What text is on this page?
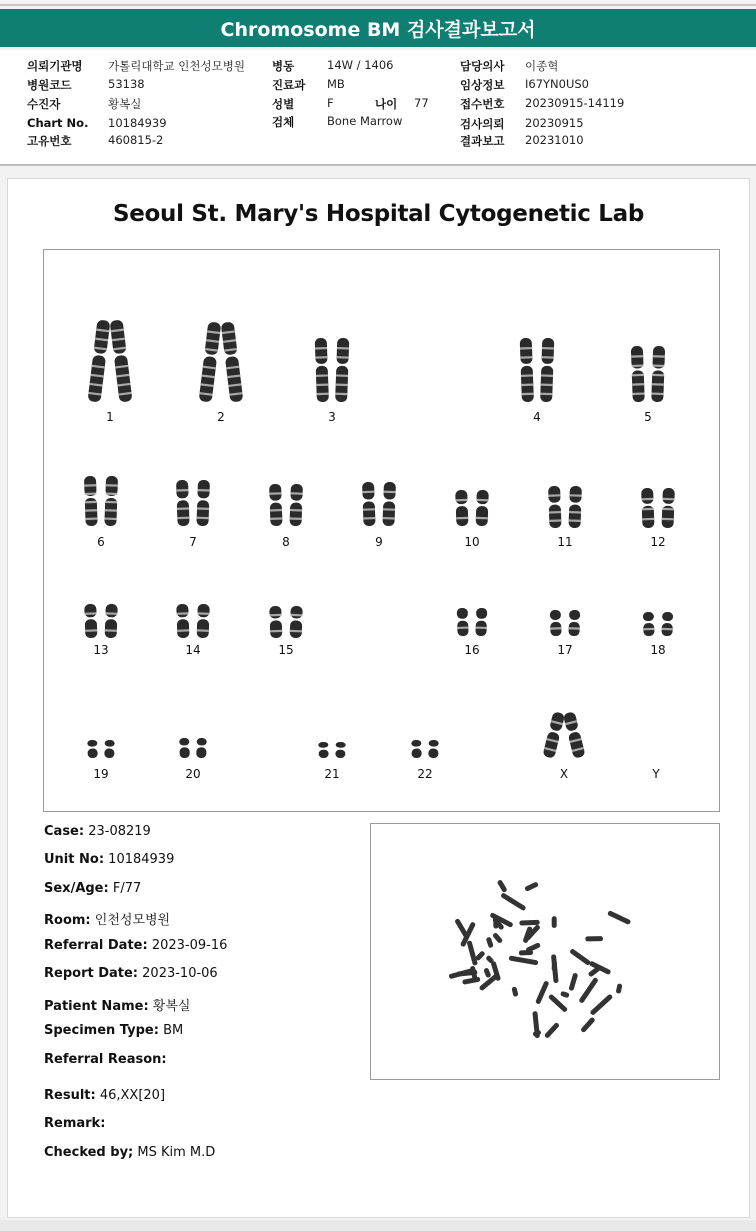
Chromosome BM 검사결과보고서
의뢰기관명 가톨릭대학교 인천성모병원
병원코드	53138
수진자	황복실
Chart No. 10184939
고유번호	460815-2
병동	14W / 1406
진료과 MB
성별	F	나이 77
검체	Bone Marrow
담당의사 이종혁
임상정보 I67YN0US0
접수번호 20230915-14119
검사의뢰 20230915
결과보고 20231010
Seoul St. Mary's Hospital Cytogenetic Lab
1	2	3	4	5
6	7	8	9	10	11	12
13	14	15	16	17	18
19	20	21	22	X	Y
Case: 23-08219
Unit No: 10184939
Sex/Age: F/77
Room: 인천성모병원
Referral Date: 2023-09-16
Report Date: 2023-10-06
Patient Name: 황복실
Specimen Type: BM
Referral Reason:
Result: 46,XX[20]
Remark:
Checked by; MS Kim M.D
